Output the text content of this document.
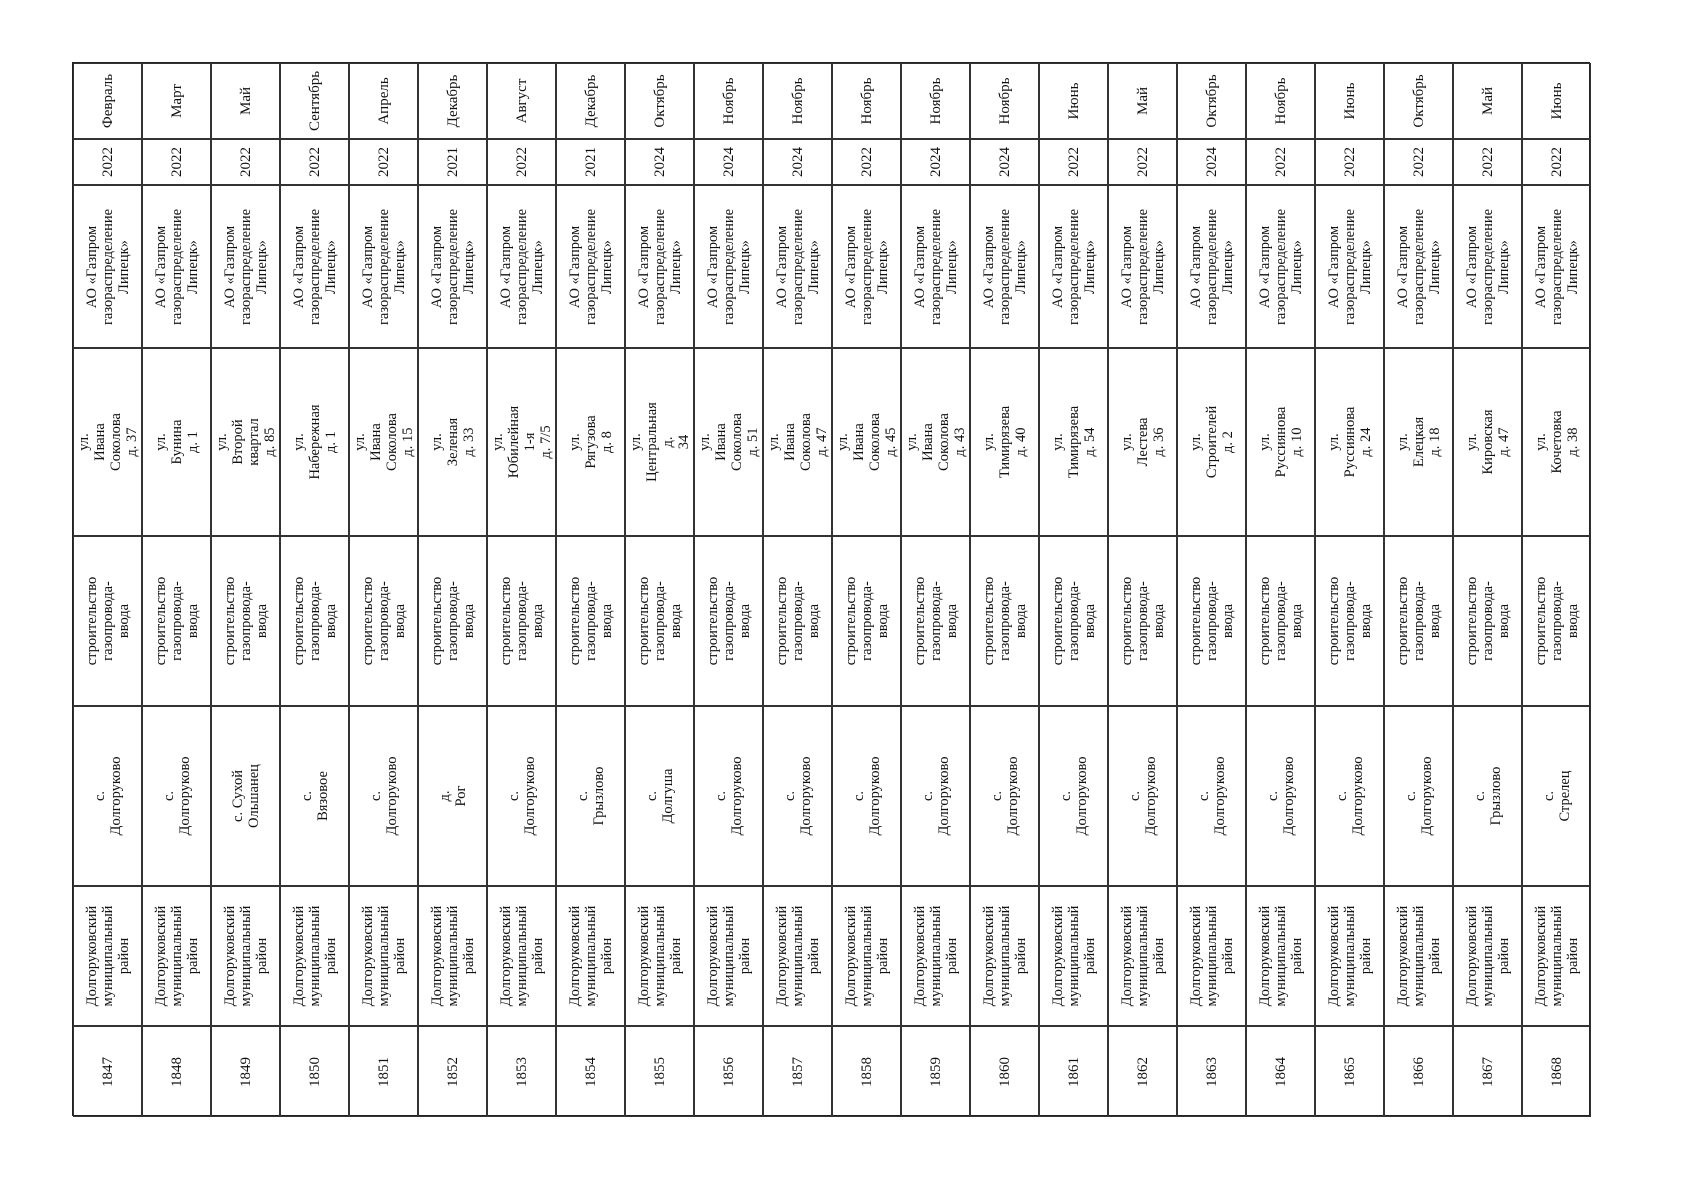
Февраль
2022
АО «Газпром
газораспределение
Липецк»
ул. Ивана Соколова
д. 37
строительство
газопровода-ввода
с. Долгоруково
Долгоруковский
муниципальный
район
1847
Март
2022
АО «Газпром
газораспределение
Липецк»
ул. Бунина д. 1
строительство
газопровода-ввода
с. Долгоруково
Долгоруковский
муниципальный
район
1848
Май
2022
АО «Газпром
газораспределение
Липецк»
ул. Второй квартал
д. 85
строительство
газопровода-ввода
с. Сухой Ольшанец
Долгоруковский
муниципальный
район
1849
Сентябрь
2022
АО «Газпром
газораспределение
Липецк»
ул. Набережная д. 1
строительство
газопровода-ввода
с. Вязовое
Долгоруковский
муниципальный
район
1850
Апрель
2022
АО «Газпром
газораспределение
Липецк»
ул. Ивана Соколова
д. 15
строительство
газопровода-ввода
с. Долгоруково
Долгоруковский
муниципальный
район
1851
Декабрь
2021
АО «Газпром
газораспределение
Липецк»
ул. Зеленая д. 33
строительство
газопровода-ввода
д. Рог
Долгоруковский
муниципальный
район
1852
Август
2022
АО «Газпром
газораспределение
Липецк»
ул. Юбилейная 1-я
д. 7/5
строительство
газопровода-ввода
с. Долгоруково
Долгоруковский
муниципальный
район
1853
Декабрь
2021
АО «Газпром
газораспределение
Липецк»
ул. Рягузова д. 8
строительство
газопровода-ввода
с. Грызлово
Долгоруковский
муниципальный
район
1854
Октябрь
2024
АО «Газпром
газораспределение
Липецк»
ул. Центральная д.
34
строительство
газопровода-ввода
с. Долгуша
Долгоруковский
муниципальный
район
1855
Ноябрь
2024
АО «Газпром
газораспределение
Липецк»
ул. Ивана Соколова
д. 51
строительство
газопровода-ввода
с. Долгоруково
Долгоруковский
муниципальный
район
1856
Ноябрь
2024
АО «Газпром
газораспределение
Липецк»
ул. Ивана Соколова
д. 47
строительство
газопровода-ввода
с. Долгоруково
Долгоруковский
муниципальный
район
1857
Ноябрь
2022
АО «Газпром
газораспределение
Липецк»
ул. Ивана Соколова
д. 45
строительство
газопровода-ввода
с. Долгоруково
Долгоруковский
муниципальный
район
1858
Ноябрь
2024
АО «Газпром
газораспределение
Липецк»
ул. Ивана Соколова
д. 43
строительство
газопровода-ввода
с. Долгоруково
Долгоруковский
муниципальный
район
1859
Ноябрь
2024
АО «Газпром
газораспределение
Липецк»
ул. Тимирязева д. 40
строительство
газопровода-ввода
с. Долгоруково
Долгоруковский
муниципальный
район
1860
Июнь
2022
АО «Газпром
газораспределение
Липецк»
ул. Тимирязева д. 54
строительство
газопровода-ввода
с. Долгоруково
Долгоруковский
муниципальный
район
1861
Май
2022
АО «Газпром
газораспределение
Липецк»
ул. Лестева д. 36
строительство
газопровода-ввода
с. Долгоруково
Долгоруковский
муниципальный
район
1862
Октябрь
2024
АО «Газпром
газораспределение
Липецк»
ул. Строителей д. 2
строительство
газопровода-ввода
с. Долгоруково
Долгоруковский
муниципальный
район
1863
Ноябрь
2022
АО «Газпром
газораспределение
Липецк»
ул. Руссиянова д. 10
строительство
газопровода-ввода
с. Долгоруково
Долгоруковский
муниципальный
район
1864
Июнь
2022
АО «Газпром
газораспределение
Липецк»
ул. Руссиянова д. 24
строительство
газопровода-ввода
с. Долгоруково
Долгоруковский
муниципальный
район
1865
Октябрь
2022
АО «Газпром
газораспределение
Липецк»
ул. Елецкая д. 18
строительство
газопровода-ввода
с. Долгоруково
Долгоруковский
муниципальный
район
1866
Май
2022
АО «Газпром
газораспределение
Липецк»
ул. Кировская д. 47
строительство
газопровода-ввода
с. Грызлово
Долгоруковский
муниципальный
район
1867
Июнь
2022
АО «Газпром
газораспределение
Липецк»
ул. Кочетовка д. 38
строительство
газопровода-ввода
с. Стрелец
Долгоруковский
муниципальный
район
1868
